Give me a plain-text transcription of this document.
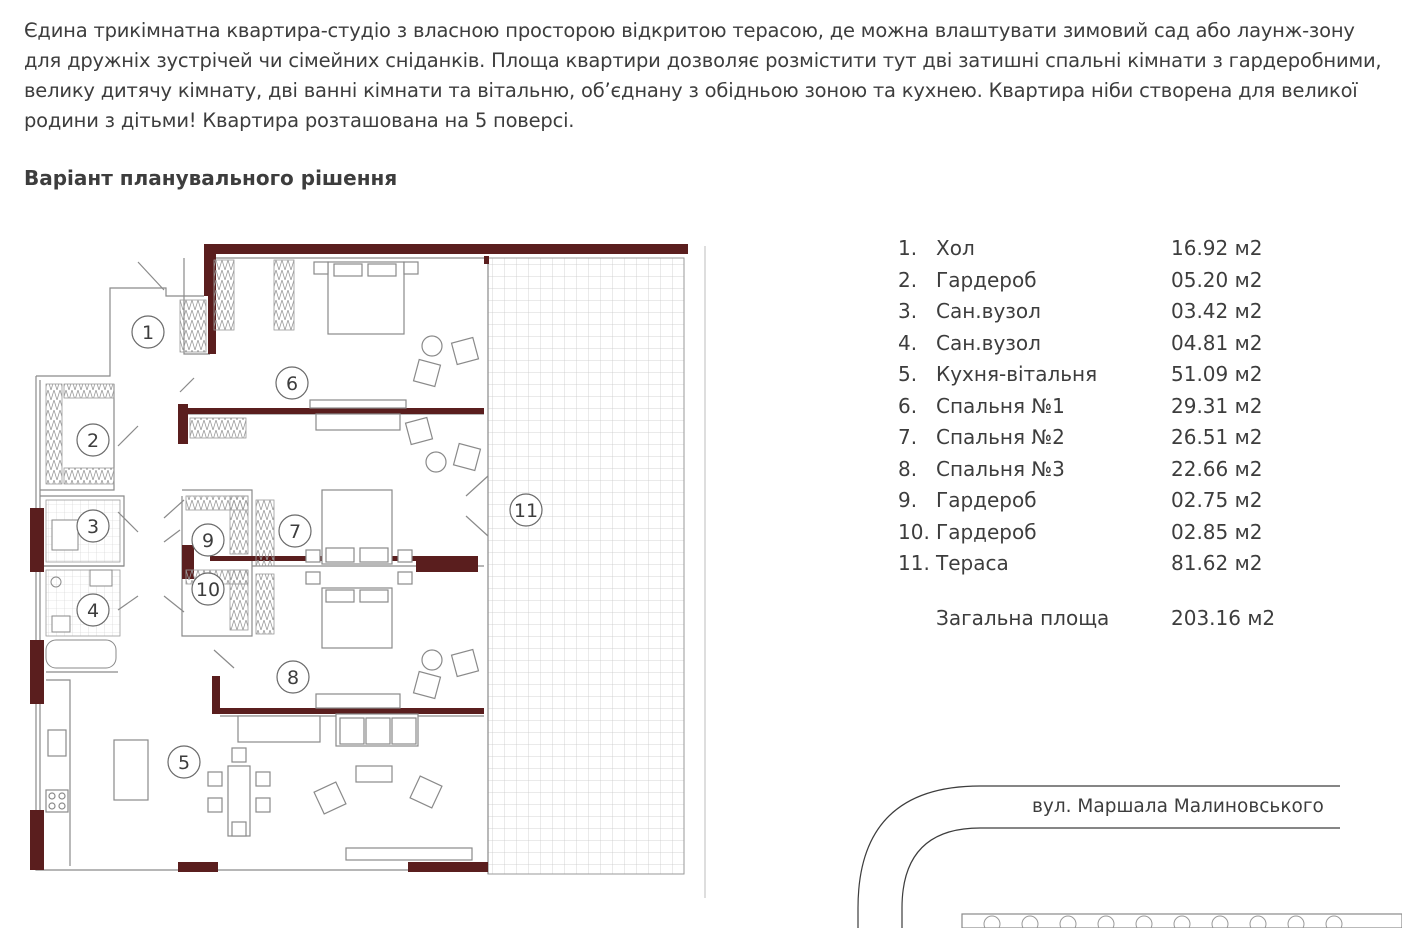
Єдина трикімнатна квартира-студіо з власною просторою відкритою терасою, де можна влаштувати зимовий сад або лаунж-зону
для дружніх зустрічей чи сімейних сніданків. Площа квартири дозволяє розмістити тут дві затишні спальні кімнати з гардеробними,
велику дитячу кімнату, дві ванні кімнати та вітальню, об’єднану з обідньою зоною та кухнею. Квартира ніби створена для великої
родини з дітьми! Квартира розташована на 5 поверсі.
Варіант планувального рішення
1
2
3
4
5
6
7
8
9
10
11
1. Хол	16.92 м2
2. Гардероб	05.20 м2
3. Сан.вузол	03.42 м2
4. Сан.вузол	04.81 м2
5. Кухня-вітальня	51.09 м2
6. Спальня №1	29.31 м2
7. Спальня №2	26.51 м2
8. Спальня №3	22.66 м2
9. Гардероб	02.75 м2
10. Гардероб	02.85 м2
11. Тераса	81.62 м2
Загальна площа	203.16 м2
вул. Маршала Малиновського
